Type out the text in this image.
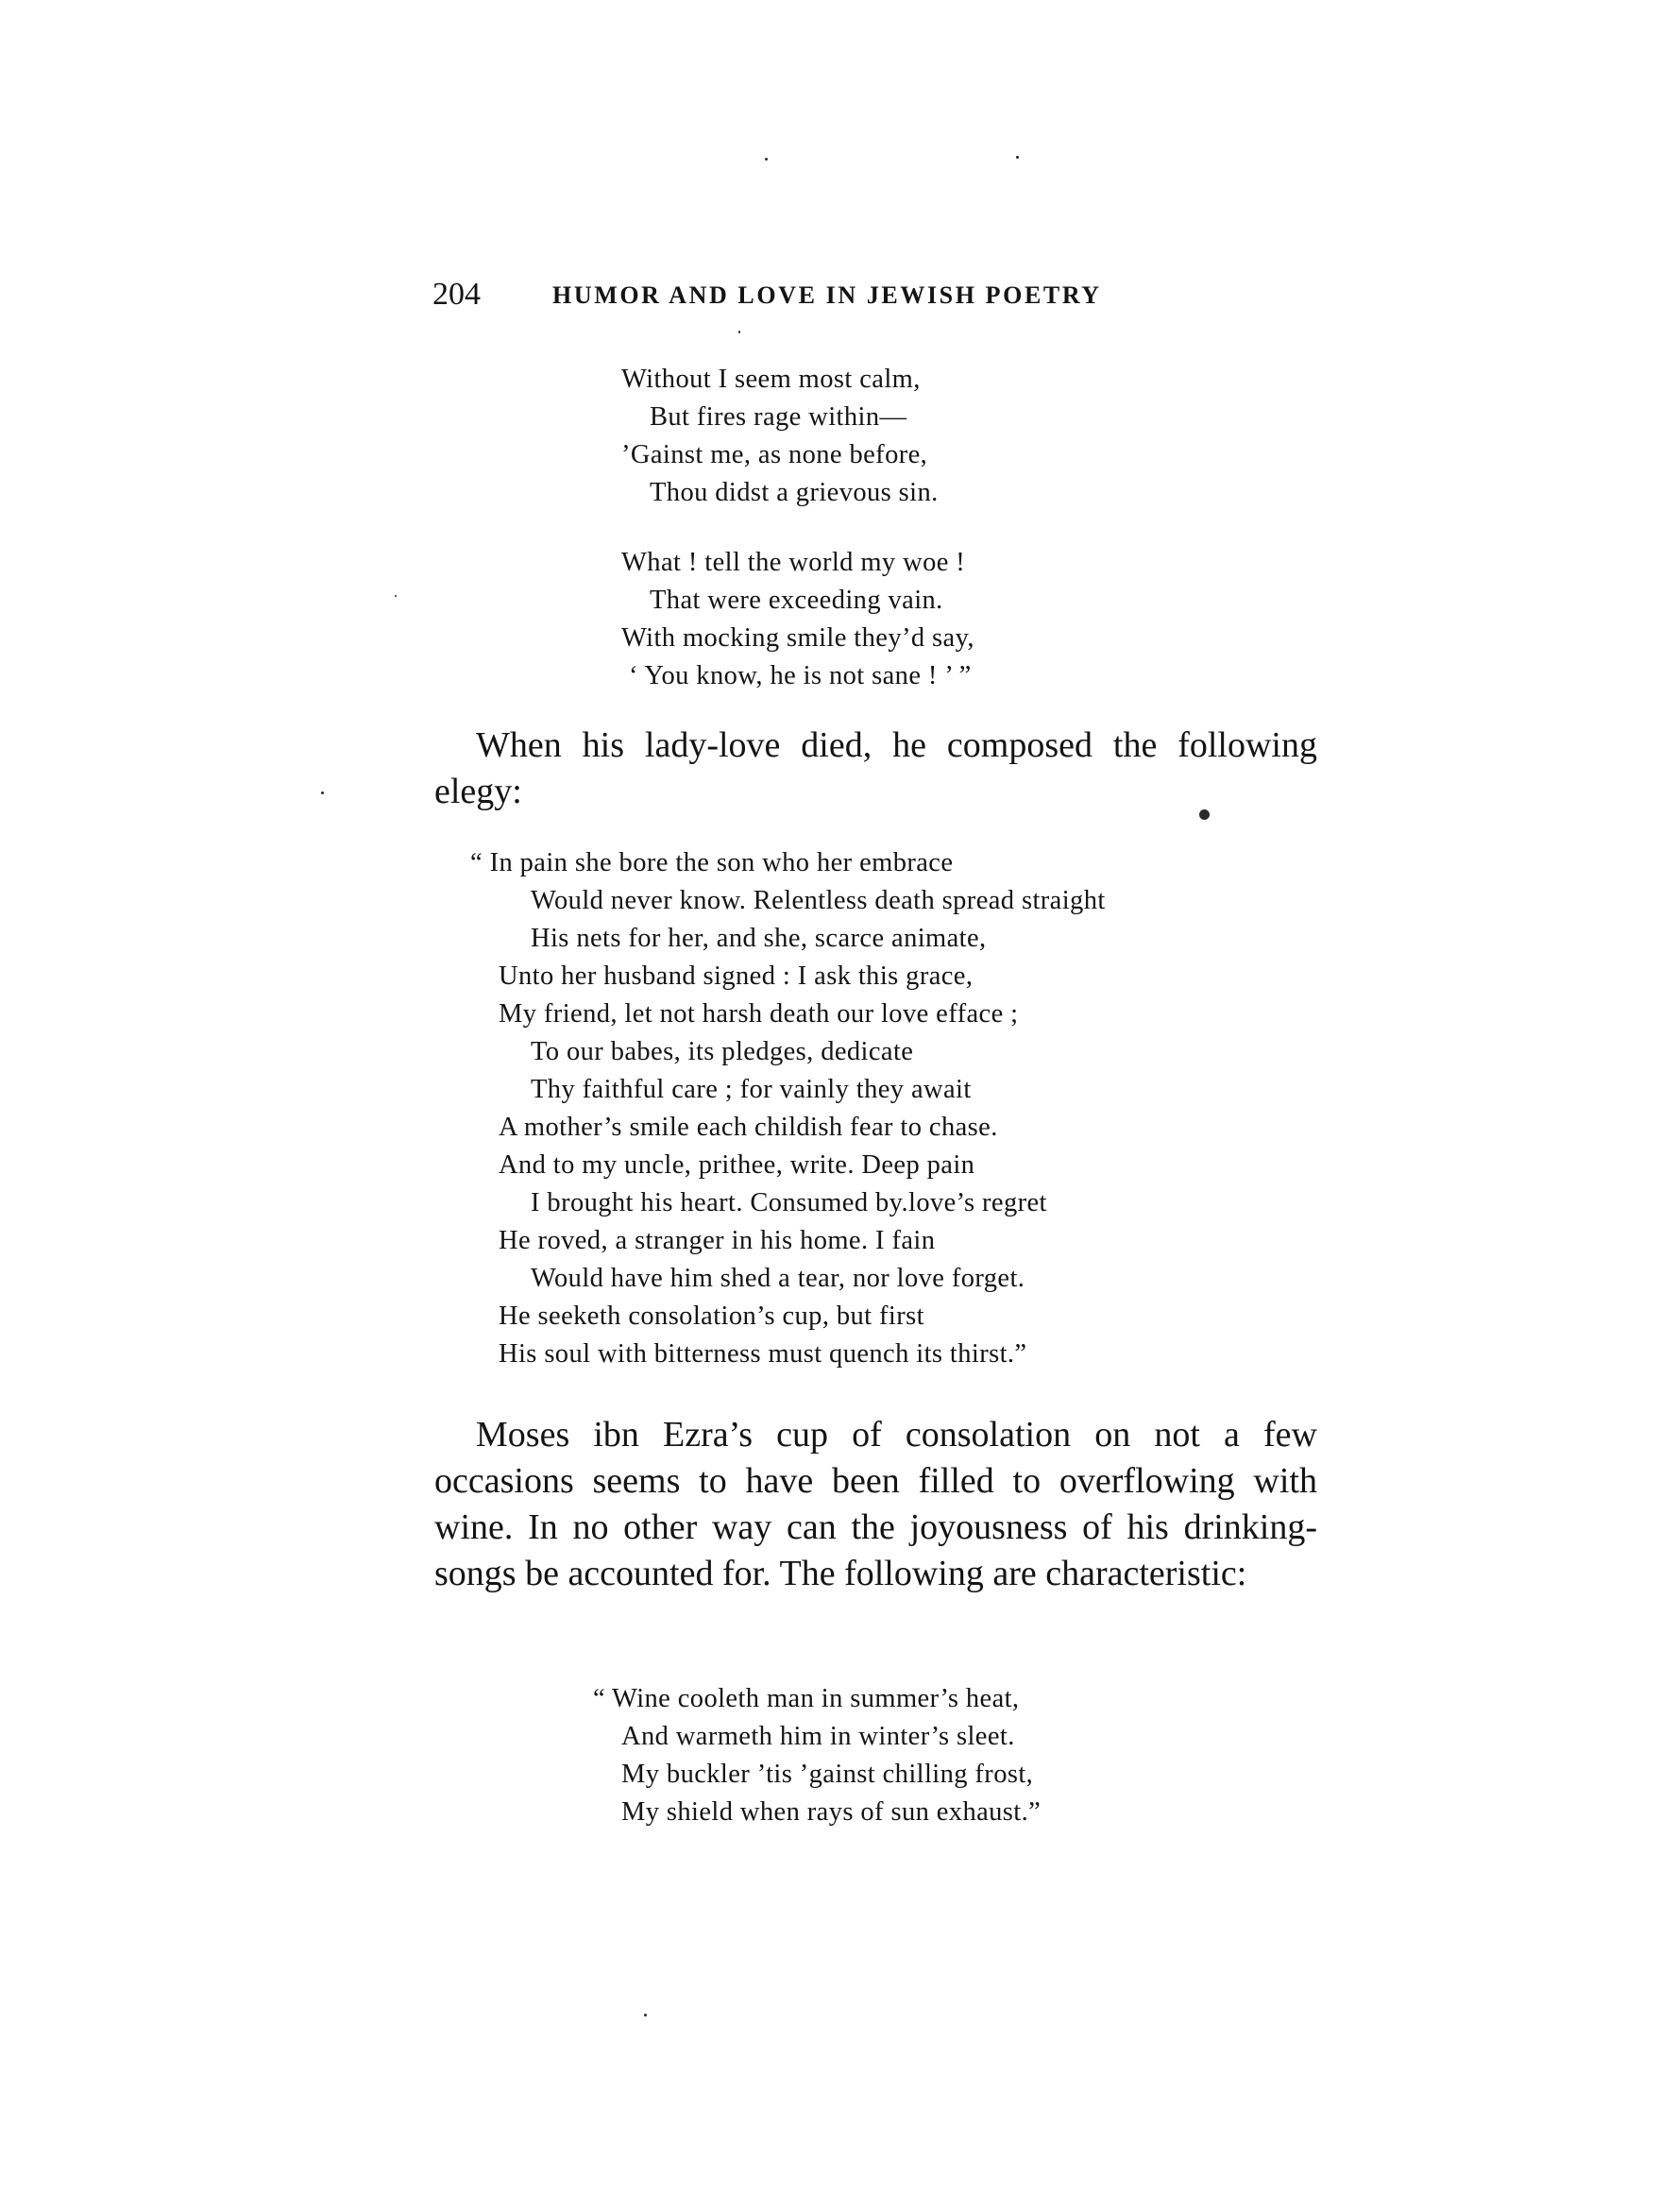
204	HUMOR AND LOVE IN JEWISH POETRY
Without I seem most calm,
But fires rage within—
’Gainst me, as none before,
Thou didst a grievous sin.
What ! tell the world my woe !
That were exceeding vain.
With mocking smile they’d say,
‘ You know, he is not sane ! ’ ”

When his lady-love died, he composed the following elegy:

“ In pain she bore the son who her embrace
Would never know. Relentless death spread straight
His nets for her, and she, scarce animate,
Unto her husband signed : I ask this grace,
My friend, let not harsh death our love efface ;
To our babes, its pledges, dedicate
Thy faithful care ; for vainly they await
A mother’s smile each childish fear to chase.
And to my uncle, prithee, write. Deep pain
I brought his heart. Consumed by.love’s regret
He roved, a stranger in his home. I fain
Would have him shed a tear, nor love forget.
He seeketh consolation’s cup, but first
His soul with bitterness must quench its thirst.”

Moses ibn Ezra’s cup of consolation on not a few occasions seems to have been filled to overflowing with wine. In no other way can the joyousness of his drinking-songs be accounted for. The following are characteristic:

“ Wine cooleth man in summer’s heat,
And warmeth him in winter’s sleet.
My buckler ’tis ’gainst chilling frost,
My shield when rays of sun exhaust.”
